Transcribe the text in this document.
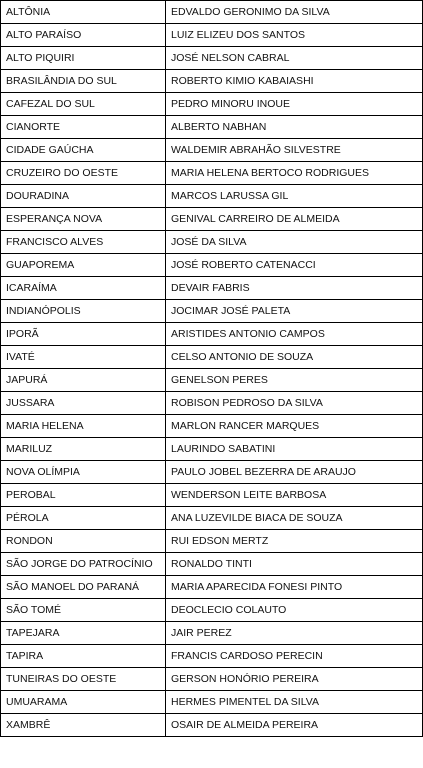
ALTÔNIA	EDVALDO GERONIMO DA SILVA
ALTO PARAÍSO	LUIZ ELIZEU DOS SANTOS
ALTO PIQUIRI	JOSÉ NELSON CABRAL
BRASILÂNDIA DO SUL	ROBERTO KIMIO KABAIASHI
CAFEZAL DO SUL	PEDRO MINORU INOUE
CIANORTE	ALBERTO NABHAN
CIDADE GAÚCHA	WALDEMIR ABRAHÃO SILVESTRE
CRUZEIRO DO OESTE	MARIA HELENA BERTOCO RODRIGUES
DOURADINA	MARCOS LARUSSA GIL
ESPERANÇA NOVA	GENIVAL CARREIRO DE ALMEIDA
FRANCISCO ALVES	JOSÉ DA SILVA
GUAPOREMA	JOSÉ ROBERTO CATENACCI
ICARAÍMA	DEVAIR FABRIS
INDIANÓPOLIS	JOCIMAR JOSÉ PALETA
IPORÃ	ARISTIDES ANTONIO CAMPOS
IVATÉ	CELSO ANTONIO DE SOUZA
JAPURÁ	GENELSON PERES
JUSSARA	ROBISON PEDROSO DA SILVA
MARIA HELENA	MARLON RANCER MARQUES
MARILUZ	LAURINDO SABATINI
NOVA OLÍMPIA	PAULO JOBEL BEZERRA DE ARAUJO
PEROBAL	WENDERSON LEITE BARBOSA
PÉROLA	ANA LUZEVILDE BIACA DE SOUZA
RONDON	RUI EDSON MERTZ
SÃO JORGE DO PATROCÍNIO	RONALDO TINTI
SÃO MANOEL DO PARANÁ	MARIA APARECIDA FONESI PINTO
SÃO TOMÉ	DEOCLECIO COLAUTO
TAPEJARA	JAIR PEREZ
TAPIRA	FRANCIS CARDOSO PERECIN
TUNEIRAS DO OESTE	GERSON HONÓRIO PEREIRA
UMUARAMA	HERMES PIMENTEL DA SILVA
XAMBRÊ	OSAIR DE ALMEIDA PEREIRA
